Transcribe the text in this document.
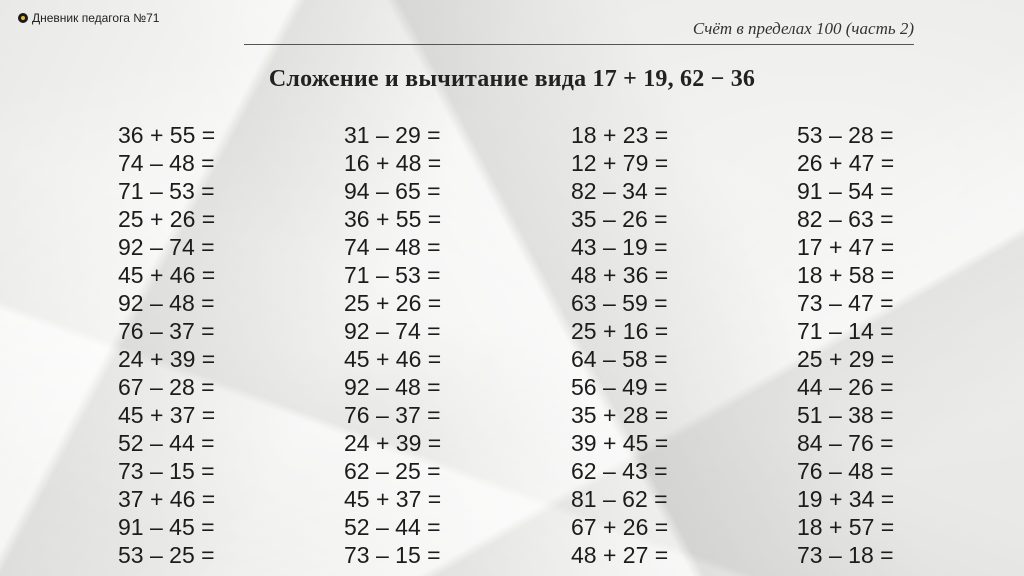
Дневник педагога №71
Счёт в пределах 100 (часть 2)
Сложение и вычитание вида 17 + 19, 62 − 36
36 + 55 =
74 – 48 =
71 – 53 =
25 + 26 =
92 – 74 =
45 + 46 =
92 – 48 =
76 – 37 =
24 + 39 =
67 – 28 =
45 + 37 =
52 – 44 =
73 – 15 =
37 + 46 =
91 – 45 =
53 – 25 =
31 – 29 =
16 + 48 =
94 – 65 =
36 + 55 =
74 – 48 =
71 – 53 =
25 + 26 =
92 – 74 =
45 + 46 =
92 – 48 =
76 – 37 =
24 + 39 =
62 – 25 =
45 + 37 =
52 – 44 =
73 – 15 =
18 + 23 =
12 + 79 =
82 – 34 =
35 – 26 =
43 – 19 =
48 + 36 =
63 – 59 =
25 + 16 =
64 – 58 =
56 – 49 =
35 + 28 =
39 + 45 =
62 – 43 =
81 – 62 =
67 + 26 =
48 + 27 =
53 – 28 =
26 + 47 =
91 – 54 =
82 – 63 =
17 + 47 =
18 + 58 =
73 – 47 =
71 – 14 =
25 + 29 =
44 – 26 =
51 – 38 =
84 – 76 =
76 – 48 =
19 + 34 =
18 + 57 =
73 – 18 =
